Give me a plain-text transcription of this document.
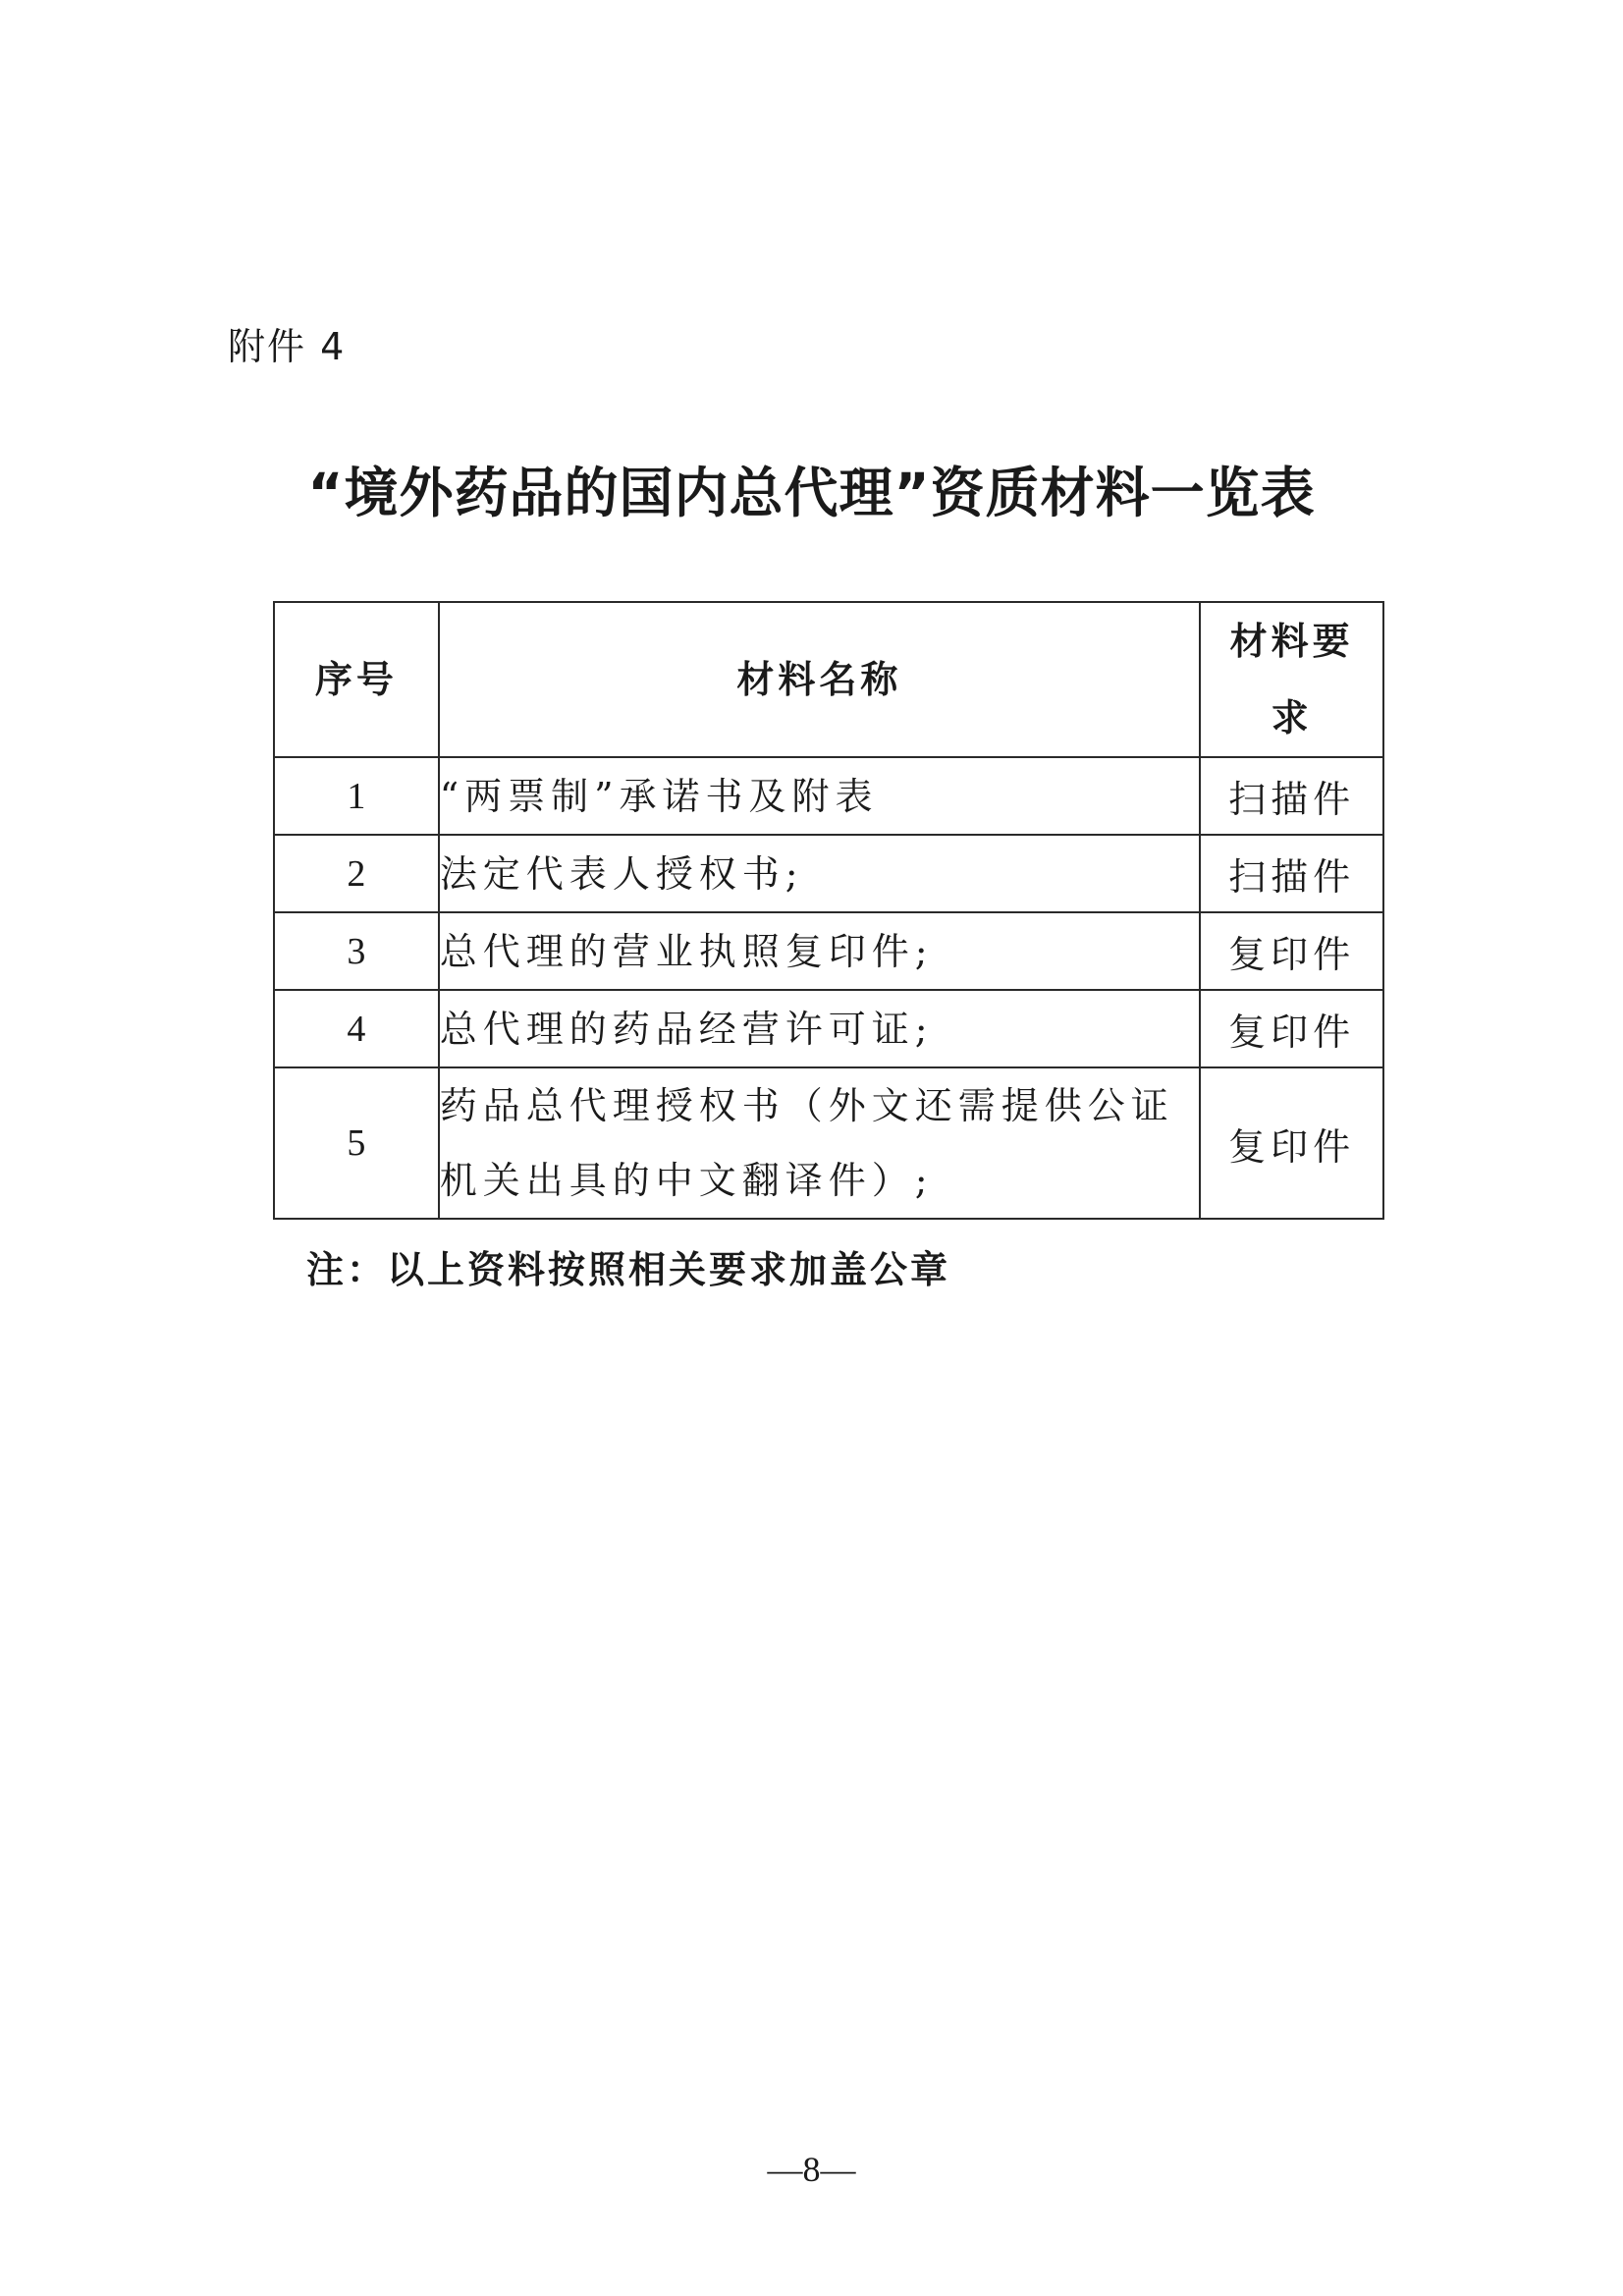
附件 4
“境外药品的国内总代理”资质材料一览表
序号	材料名称	材料要求
1	“两票制”承诺书及附表	扫描件
2	法定代表人授权书;	扫描件
3	总代理的营业执照复印件;	复印件
4	总代理的药品经营许可证;	复印件
5	药品总代理授权书（外文还需提供公证机关出具的中文翻译件）;	复印件
注：以上资料按照相关要求加盖公章
—8—
